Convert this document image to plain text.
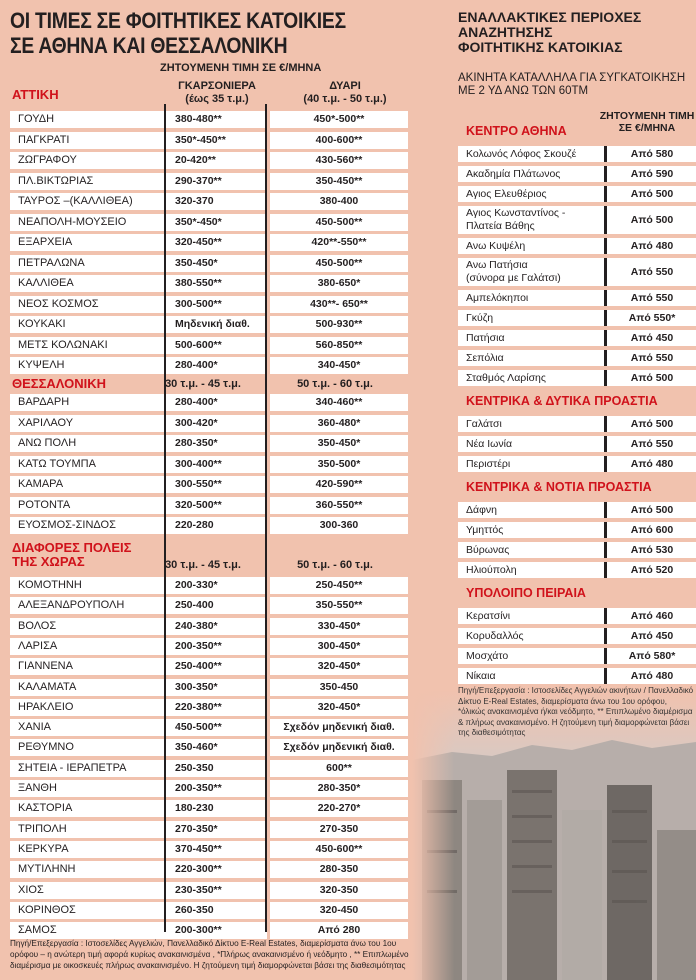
ΟΙ ΤΙΜΕΣ ΣΕ ΦΟΙΤΗΤΙΚΕΣ ΚΑΤΟΙΚΙΕΣ
ΣΕ ΑΘΗΝΑ ΚΑΙ ΘΕΣΣΑΛΟΝΙΚΗ
ΖΗΤΟΥΜΕΝΗ ΤΙΜΗ ΣΕ €/ΜΗΝΑ
ΑΤΤΙΚΗ
ΓΚΑΡΣΟΝΙΕΡΑ
(έως 35 τ.μ.)
ΔΥΑΡΙ
(40 τ.μ. - 50 τ.μ.)
ΓΟΥΔΗ	380-480**	450*-500**
ΠΑΓΚΡΑΤΙ	350*-450**	400-600**
ΖΩΓΡΑΦΟΥ	20-420**	430-560**
ΠΛ.ΒΙΚΤΩΡΙΑΣ	290-370**	350-450**
ΤΑΥΡΟΣ –(ΚΑΛΛΙΘΕΑ)	320-370	380-400
ΝΕΑΠΟΛΗ-ΜΟΥΣΕΙΟ	350*-450*	450-500**
ΕΞΑΡΧΕΙΑ	320-450**	420**-550**
ΠΕΤΡΑΛΩΝΑ	350-450*	450-500**
ΚΑΛΛΙΘΕΑ	380-550**	380-650*
ΝΕΟΣ ΚΟΣΜΟΣ	300-500**	430**- 650**
ΚΟΥΚΑΚΙ	Μηδενική διαθ.	500-930**
ΜΕΤΣ ΚΟΛΩΝΑΚΙ	500-600**	560-850**
ΚΥΨΕΛΗ	280-400*	340-450*
ΘΕΣΣΑΛΟΝΙΚΗ	30 τ.μ. - 45 τ.μ.	50 τ.μ. - 60 τ.μ.
ΒΑΡΔΑΡΗ	280-400*	340-460**
ΧΑΡΙΛΑΟΥ	300-420*	360-480*
ΑΝΩ ΠΟΛΗ	280-350*	350-450*
ΚΑΤΩ ΤΟΥΜΠΑ	300-400**	350-500*
ΚΑΜΑΡΑ	300-550**	420-590**
ΡΟΤΟΝΤΑ	320-500**	360-550**
ΕΥΟΣΜΟΣ-ΣΙΝΔΟΣ	220-280	300-360
ΔΙΑΦΟΡΕΣ ΠΟΛΕΙΣ
ΤΗΣ ΧΩΡΑΣ	30 τ.μ. - 45 τ.μ.	50 τ.μ. - 60 τ.μ.
ΚΟΜΟΤΗΝΗ	200-330*	250-450**
ΑΛΕΞΑΝΔΡΟΥΠΟΛΗ	250-400	350-550**
ΒΟΛΟΣ	240-380*	330-450*
ΛΑΡΙΣΑ	200-350**	300-450*
ΓΙΑΝΝΕΝΑ	250-400**	320-450*
ΚΑΛΑΜΑΤΑ	300-350*	350-450
ΗΡΑΚΛΕΙΟ	220-380**	320-450*
ΧΑΝΙΑ	450-500**	Σχεδόν μηδενική διαθ.
ΡΕΘΥΜΝΟ	350-460*	Σχεδόν μηδενική διαθ.
ΣΗΤΕΙΑ - ΙΕΡΑΠΕΤΡΑ	250-350	600**
ΞΑΝΘΗ	200-350**	280-350*
ΚΑΣΤΟΡΙΑ	180-230	220-270*
ΤΡΙΠΟΛΗ	270-350*	270-350
ΚΕΡΚΥΡΑ	370-450**	450-600**
ΜΥΤΙΛΗΝΗ	220-300**	280-350
ΧΙΟΣ	230-350**	320-350
ΚΟΡΙΝΘΟΣ	260-350	320-450
ΣΑΜΟΣ	200-300**	Από 280
Πηγή/Επεξεργασία : Ιστοσελίδες Αγγελιών, Πανελλαδικό Δίκτυο E-Real Estates, διαμερίσματα άνω του 1ου ορόφου – η ανώτερη τιμή αφορά κυρίως ανακαινισμένα , *Πλήρως ανακαινισμένο ή νεόδμητο , ** Επιπλωμένο διαμέρισμα με οικοσκευές πλήρως ανακαινισμένο. Η ζητούμενη τιμή διαμορφώνεται βάσει της διαθεσιμότητας
ΕΝΑΛΛΑΚΤΙΚΕΣ ΠΕΡΙΟΧΕΣ
ΑΝΑΖΗΤΗΣΗΣ
ΦΟΙΤΗΤΙΚΗΣ ΚΑΤΟΙΚΙΑΣ
ΑΚΙΝΗΤΑ ΚΑΤΑΛΛΗΛΑ ΓΙΑ ΣΥΓΚΑΤΟΙΚΗΣΗ
ΜΕ 2 ΥΔ ΑΝΩ ΤΩΝ 60ΤΜ
ΖΗΤΟΥΜΕΝΗ ΤΙΜΗ
ΣΕ €/ΜΗΝΑ
ΚΕΝΤΡΟ ΑΘΗΝΑ
Κολωνός Λόφος Σκουζέ	Από 580
Ακαδημία Πλάτωνος	Από 590
Αγιος Ελευθέριος	Από 500
Αγιος Κωνσταντίνος -
Πλατεία Βάθης	Από 500
Ανω Κυψέλη	Από 480
Ανω Πατήσια
(σύνορα με Γαλάτσι)	Από 550
Αμπελόκηποι	Από 550
Γκύζη	Από 550*
Πατήσια	Από 450
Σεπόλια	Από 550
Σταθμός Λαρίσης	Από 500
ΚΕΝΤΡΙΚΑ & ΔΥΤΙΚΑ ΠΡΟΑΣΤΙΑ
Γαλάτσι	Από 500
Νέα Ιωνία	Από 550
Περιστέρι	Από 480
ΚΕΝΤΡΙΚΑ & ΝΟΤΙΑ ΠΡΟΑΣΤΙΑ
Δάφνη	Από 500
Υμηττός	Από 600
Βύρωνας	Από 530
Ηλιούπολη	Από 520
ΥΠΟΛΟΙΠΟ ΠΕΙΡΑΙΑ
Κερατσίνι	Από 460
Κορυδαλλός	Από 450
Μοσχάτο	Από 580*
Νίκαια	Από 480
Πηγή/Επεξεργασία : Ιστοσελίδες Αγγελιών ακινήτων / Πανελλαδικό Δίκτυο E-Real Estates, διαμερίσματα άνω του 1ου ορόφου, *όλικώς ανακαινισμένα ή/και νεόδμητο, ** Επιπλωμένο διαμέρισμα & πλήρως ανακαινισμένο. Η ζητούμενη τιμή διαμορφώνεται βάσει της διαθεσιμότητας
